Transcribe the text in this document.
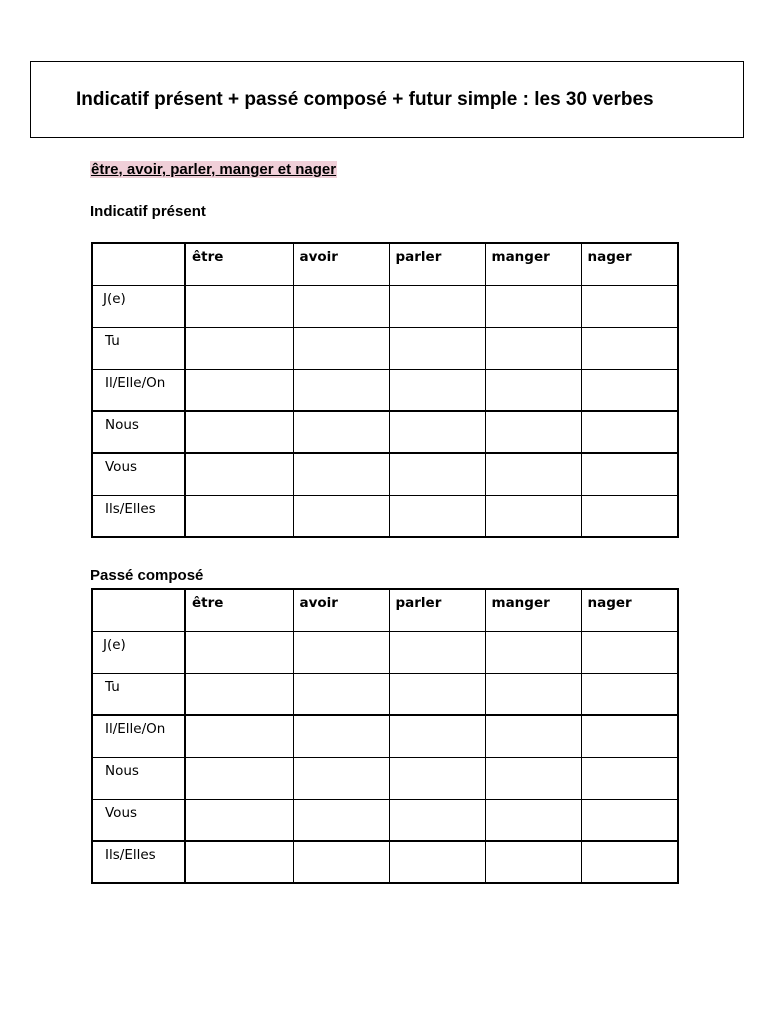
Indicatif présent + passé composé + futur simple : les 30 verbes
être, avoir, parler, manger et nager
Indicatif présent
	être	avoir	parler	manger	nager
J(e)					
Tu					
Il/Elle/On					
Nous					
Vous					
Ils/Elles					
Passé composé
	être	avoir	parler	manger	nager
J(e)					
Tu					
Il/Elle/On					
Nous					
Vous					
Ils/Elles					
